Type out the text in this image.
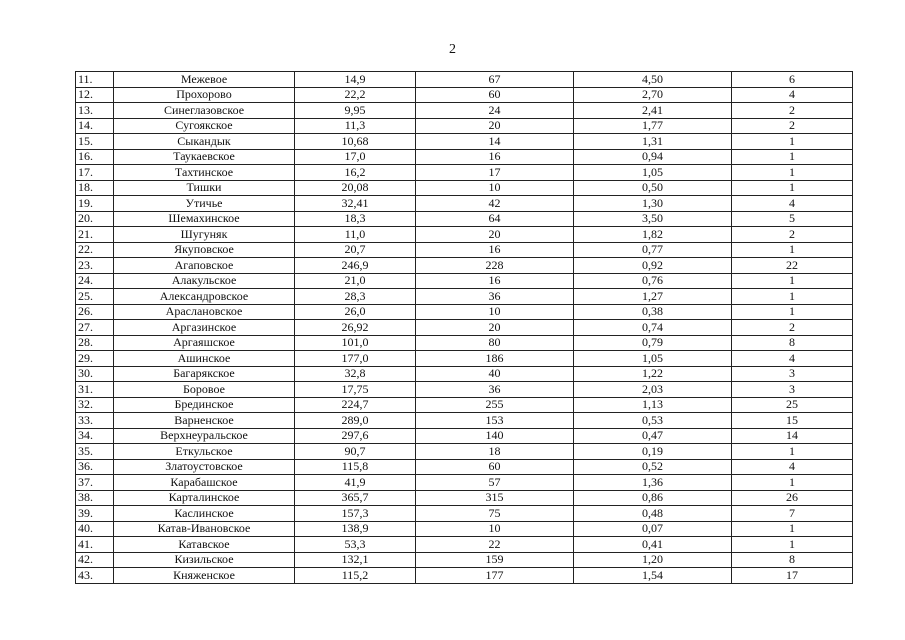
2
11.	Межевое	14,9	67	4,50	6
12.	Прохорово	22,2	60	2,70	4
13.	Синеглазовское	9,95	24	2,41	2
14.	Сугоякское	11,3	20	1,77	2
15.	Сыкандык	10,68	14	1,31	1
16.	Таукаевское	17,0	16	0,94	1
17.	Тахтинское	16,2	17	1,05	1
18.	Тишки	20,08	10	0,50	1
19.	Утичье	32,41	42	1,30	4
20.	Шемахинское	18,3	64	3,50	5
21.	Шугуняк	11,0	20	1,82	2
22.	Якуповское	20,7	16	0,77	1
23.	Агаповское	246,9	228	0,92	22
24.	Алакульское	21,0	16	0,76	1
25.	Александровское	28,3	36	1,27	1
26.	Араслановское	26,0	10	0,38	1
27.	Аргазинское	26,92	20	0,74	2
28.	Аргаяшское	101,0	80	0,79	8
29.	Ашинское	177,0	186	1,05	4
30.	Багарякское	32,8	40	1,22	3
31.	Боровое	17,75	36	2,03	3
32.	Брединское	224,7	255	1,13	25
33.	Варненское	289,0	153	0,53	15
34.	Верхнеуральское	297,6	140	0,47	14
35.	Еткульское	90,7	18	0,19	1
36.	Златоустовское	115,8	60	0,52	4
37.	Карабашское	41,9	57	1,36	1
38.	Карталинское	365,7	315	0,86	26
39.	Каслинское	157,3	75	0,48	7
40.	Катав-Ивановское	138,9	10	0,07	1
41.	Катавское	53,3	22	0,41	1
42.	Кизильское	132,1	159	1,20	8
43.	Княженское	115,2	177	1,54	17
